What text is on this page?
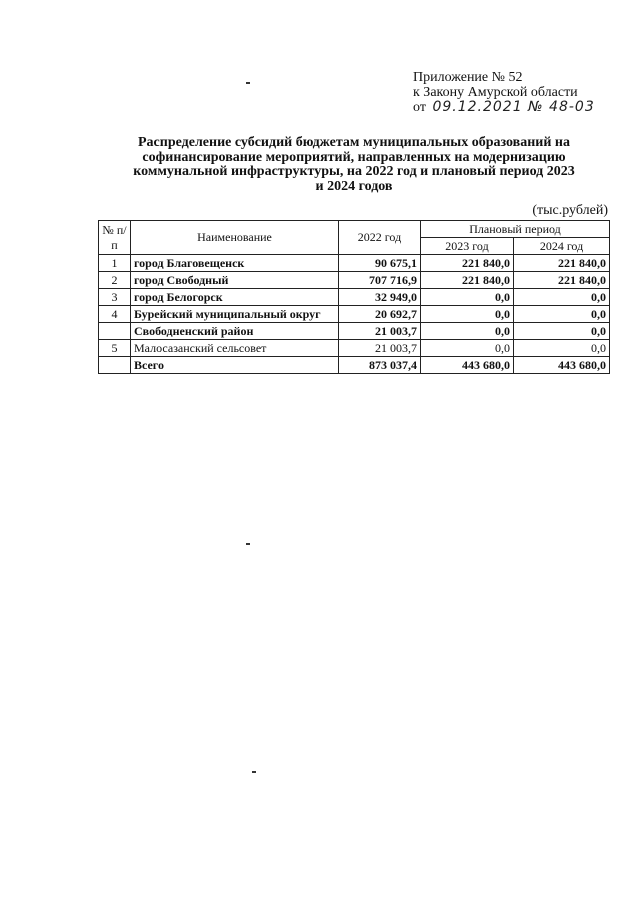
Приложение № 52
к Закону Амурской области
от 09.12.2021 № 48-03
Распределение субсидий бюджетам муниципальных образований на
софинансирование мероприятий, направленных на модернизацию
коммунальной инфраструктуры, на 2022 год и плановый период 2023
и 2024 годов
(тыс.рублей)
№ п/п	Наименование	2022 год	Плановый период	
			2023 год	2024 год
1	город Благовещенск	90 675,1	221 840,0	221 840,0
2	город Свободный	707 716,9	221 840,0	221 840,0
3	город Белогорск	32 949,0	0,0	0,0
4	Бурейский муниципальный округ	20 692,7	0,0	0,0
	Свободненский район	21 003,7	0,0	0,0
5	Малосазанский сельсовет	21 003,7	0,0	0,0
	Всего	873 037,4	443 680,0	443 680,0
